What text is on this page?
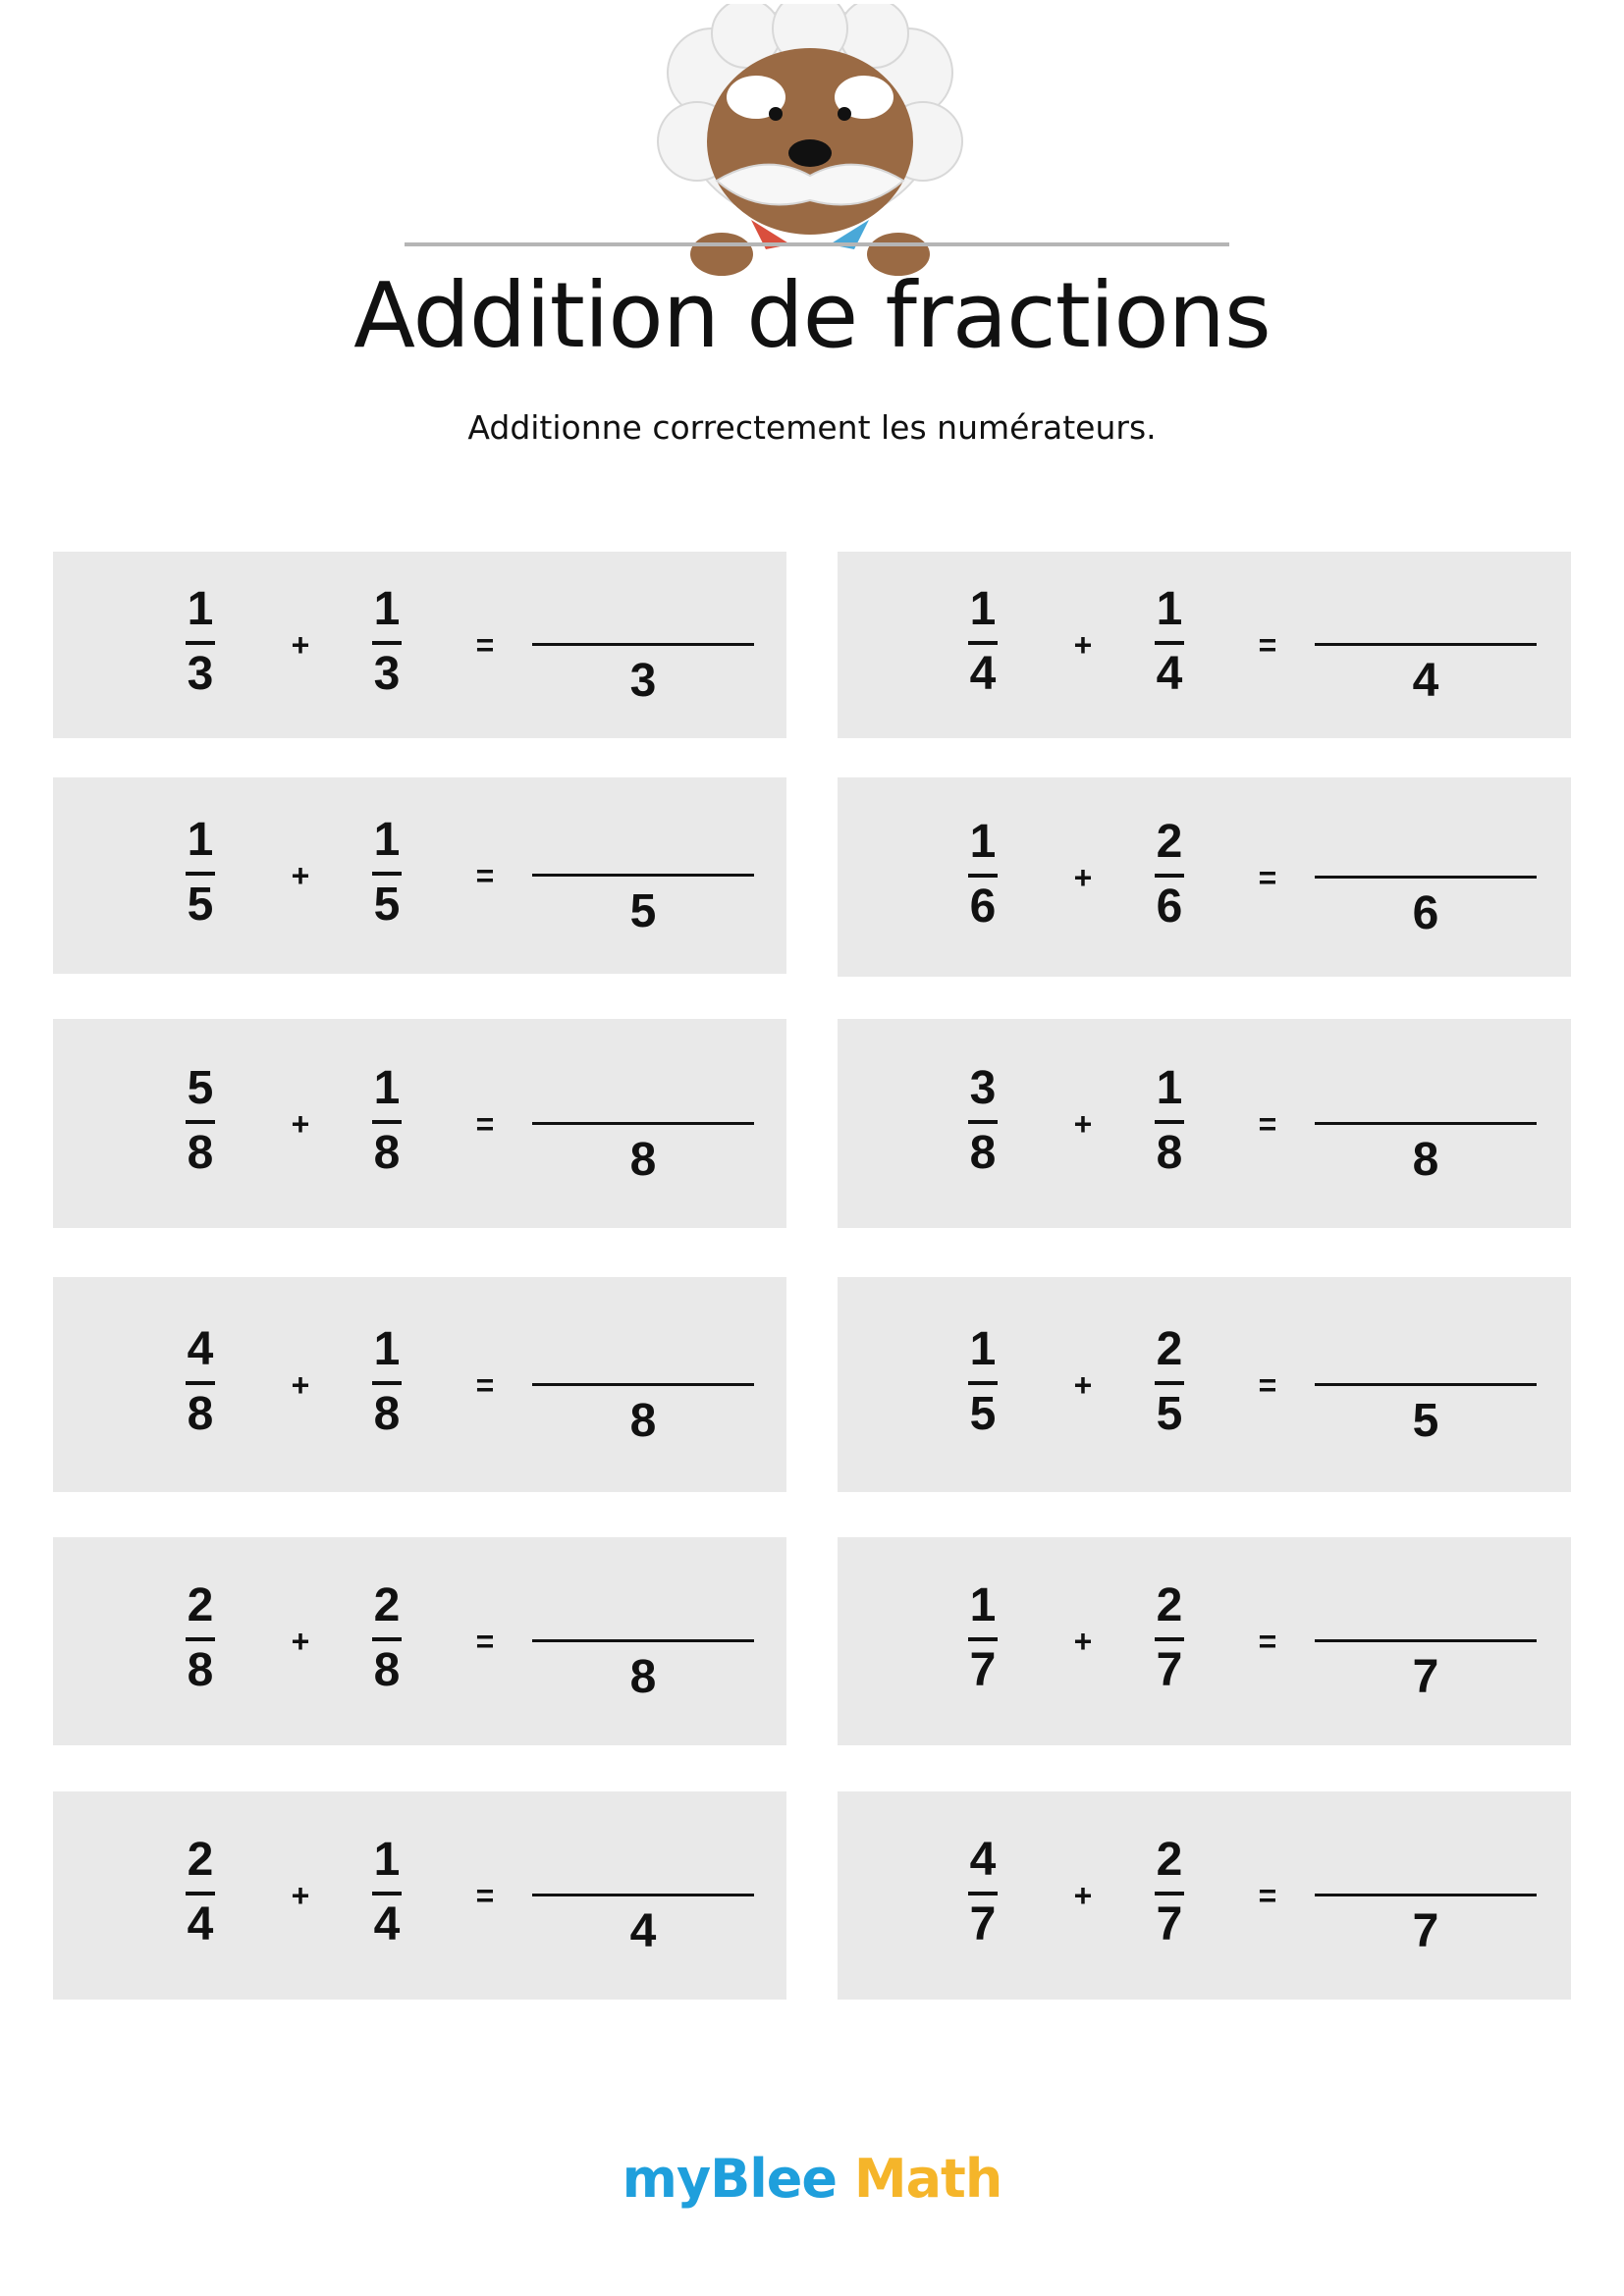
Addition de fractions
Additionne correctement les numérateurs.
1
3
+
1
3
=
3
1
4
+
1
4
=
4
1
5
+
1
5
=
5
1
6
+
2
6
=
6
5
8
+
1
8
=
8
3
8
+
1
8
=
8
4
8
+
1
8
=
8
1
5
+
2
5
=
5
2
8
+
2
8
=
8
1
7
+
2
7
=
7
2
4
+
1
4
=
4
4
7
+
2
7
=
7
myBlee Math
